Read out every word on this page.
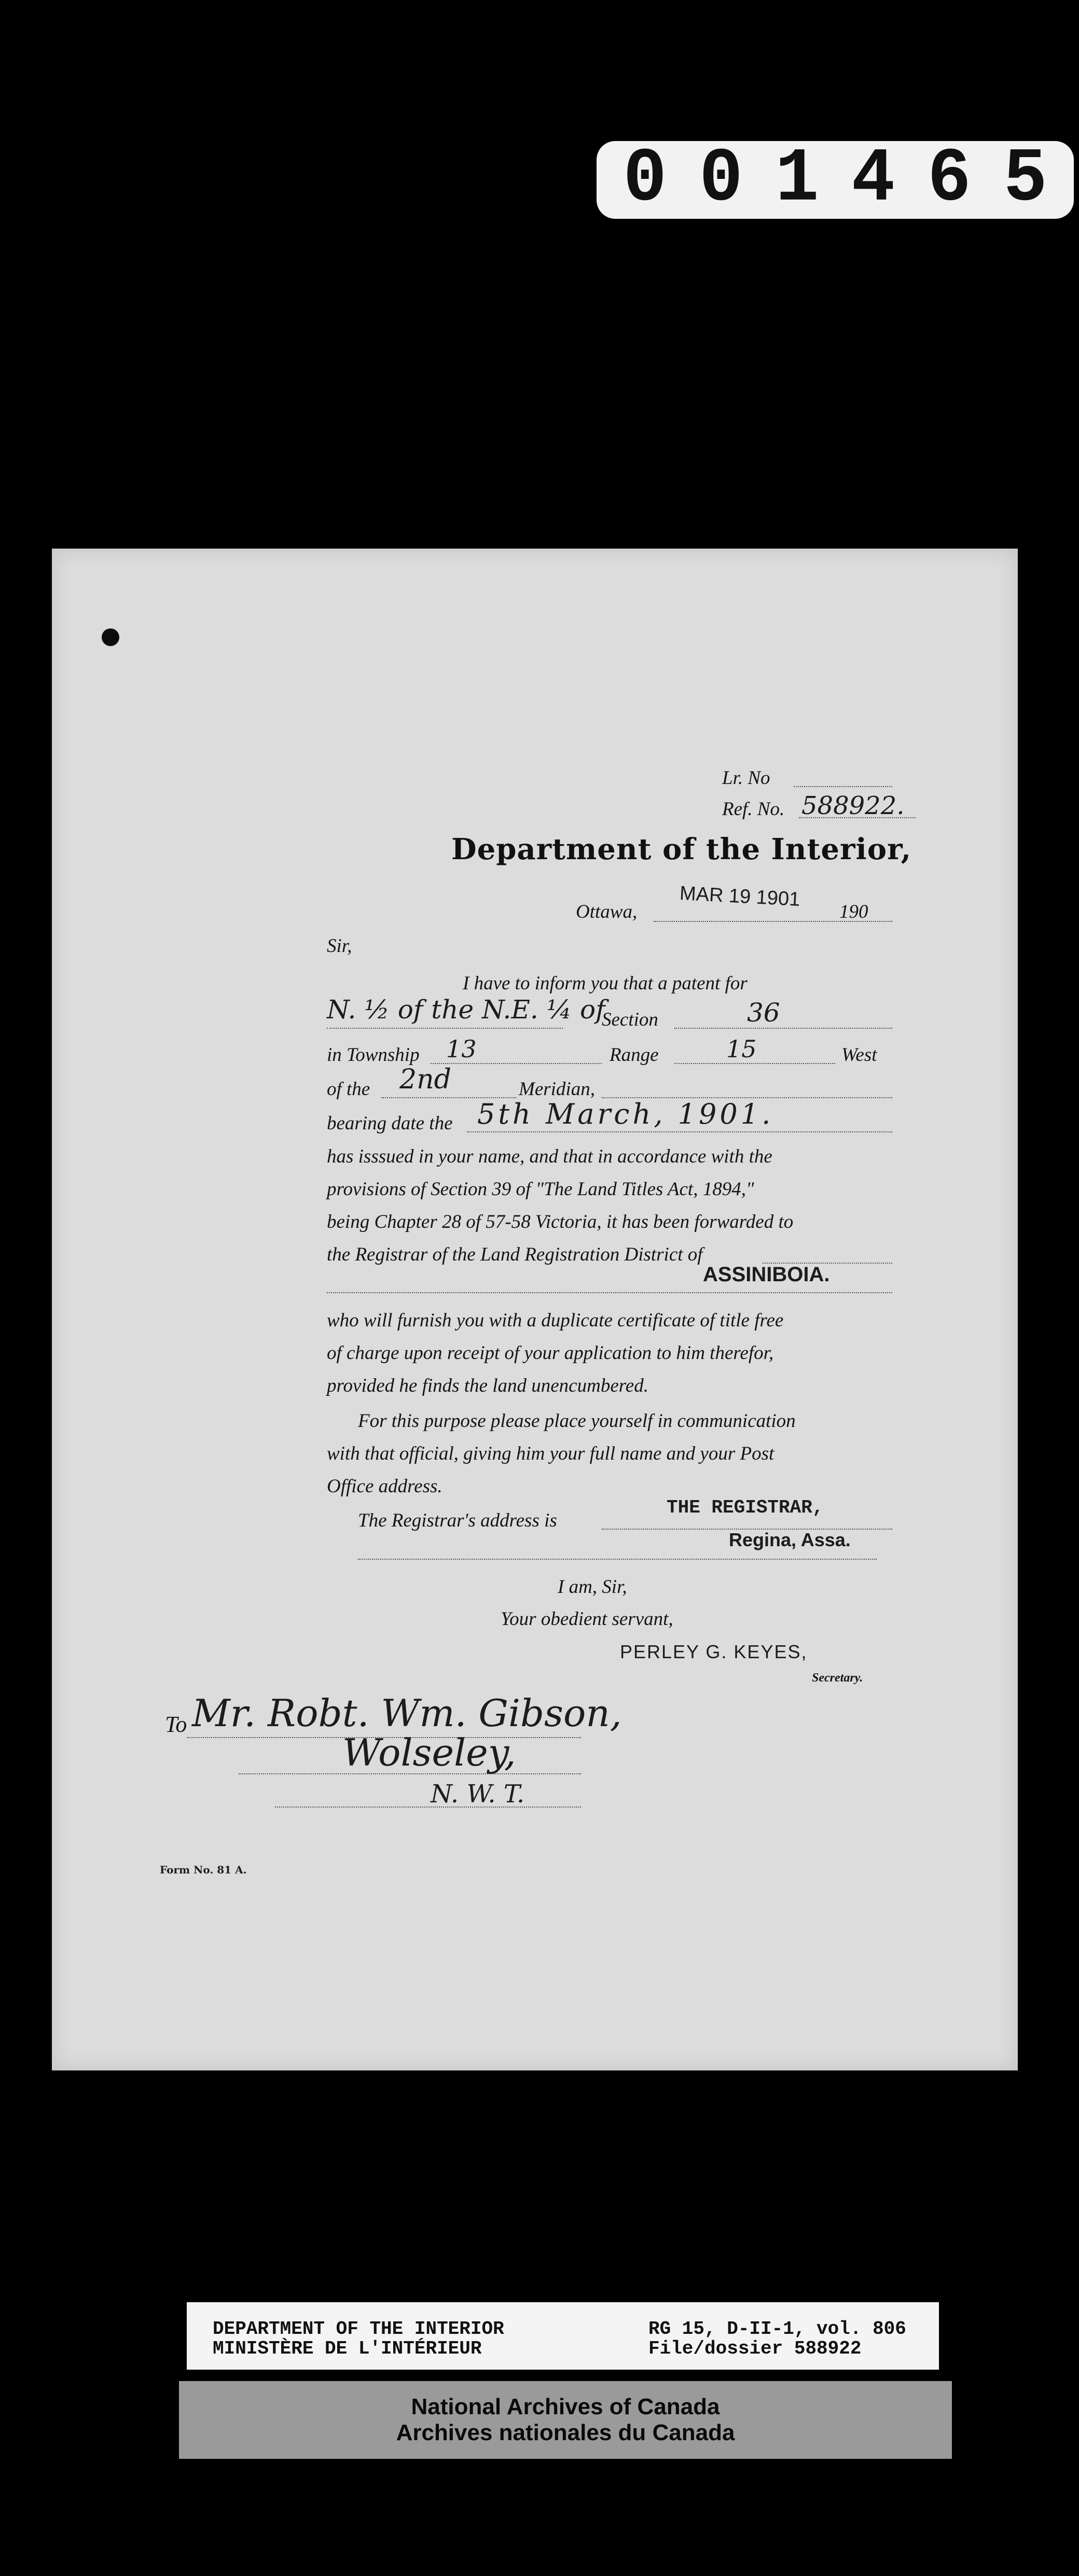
0 0 1 4 6 5
Lr. No
Ref. No. 588922.
Department of the Interior,
Ottawa,
MAR 19 1901
190
Sir,
I have to inform you that a patent for
N. ½ of the N.E. ¼ of
Section	36
in Township 13	Range	15	West
of the 2nd	Meridian,
bearing date the 5th March, 1901.
has isssued in your name, and that in accordance with the
provisions of Section 39 of "The Land Titles Act, 1894,"
being Chapter 28 of 57-58 Victoria, it has been forwarded to
the Registrar of the Land Registration District of
ASSINIBOIA.
who will furnish you with a duplicate certificate of title free
of charge upon receipt of your application to him therefor,
provided he finds the land unencumbered.
For this purpose please place yourself in communication
with that official, giving him your full name and your Post
Office address.
The Registrar's address is
THE REGISTRAR,
Regina, Assa.
I am, Sir,
Your obedient servant,
PERLEY G. KEYES,
Secretary.
To Mr. Robt. Wm. Gibson,
Wolseley,
N. W. T.
Form No. 81 A.
DEPARTMENT OF THE INTERIOR
MINISTÈRE DE L'INTÉRIEUR
RG 15, D-II-1, vol. 806
File/dossier 588922
National Archives of Canada
Archives nationales du Canada
